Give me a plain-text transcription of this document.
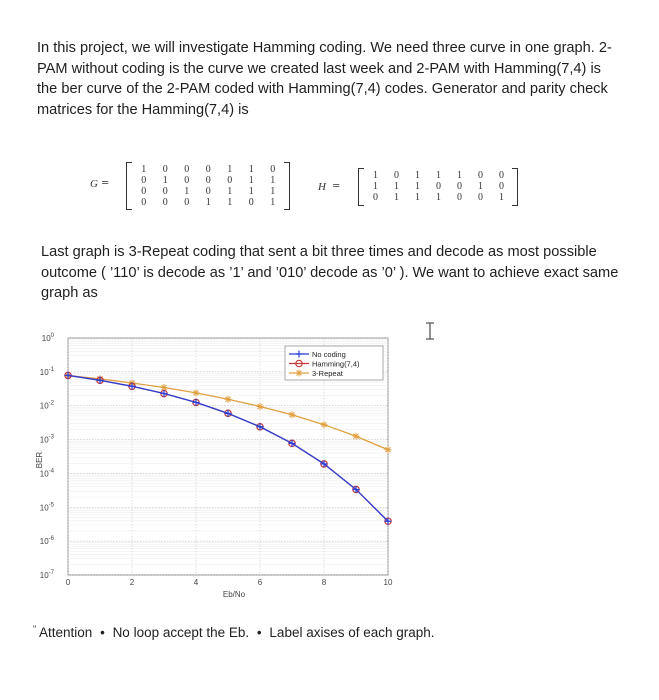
In this project, we will investigate Hamming coding. We need three curve in one graph. 2-
PAM without coding is the curve we created last week and 2-PAM with Hamming(7,4) is
the ber curve of the 2-PAM coded with Hamming(7,4) codes. Generator and parity check
matrices for the Hamming(7,4) is

G =
1	0	0	0	1	1	0
0	1	0	0	0	1	1
0	0	1	0	1	1	1
0	0	0	1	1	0	1
H =
1	0	1	1	1	0	0
1	1	1	0	0	1	0
0	1	1	1	0	0	1

Last graph is 3-Repeat coding that sent a bit three times and decode as most possible
outcome ( ’110’ is decode as ’1’ and ’010’ decode as ’0’ ). We want to achieve exact same
graph as

$10^0$
$10^{-1}$
$10^{-2}$
$10^{-3}$
$10^{-4}$
$10^{-5}$
$10^{-6}$
$10^{-7}$
0	2	4	6	8	10
BER
Eb/No
No coding
Hamming(7,4)
3-Repeat
“ Attention • No loop accept the Eb. • Label axises of each graph.
